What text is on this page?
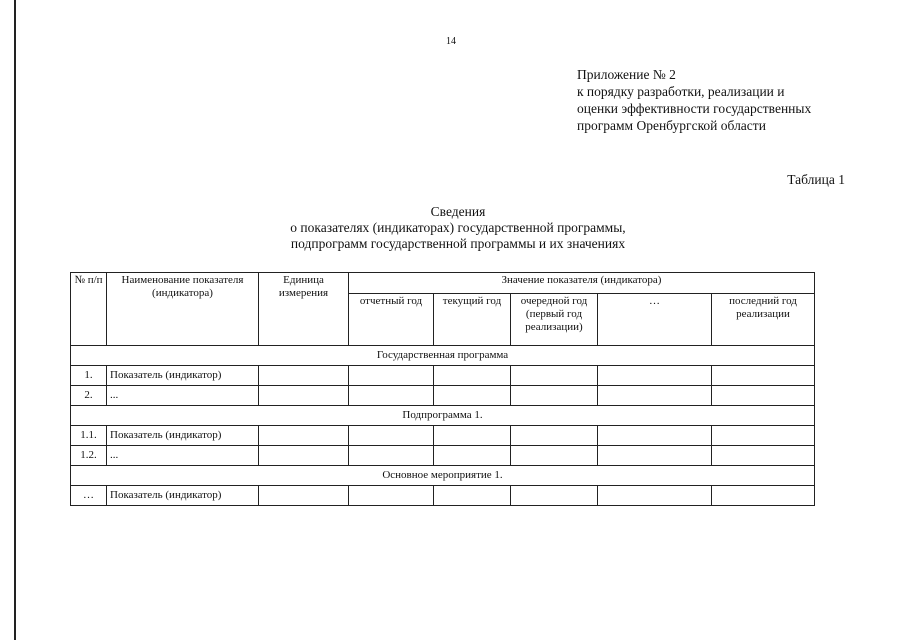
14
Приложение № 2
к порядку разработки, реализации и
оценки эффективности государственных
программ Оренбургской области
Таблица 1
Сведения
о показателях (индикаторах) государственной программы,
подпрограмм государственной программы и их значениях
№ п/п	Наименование показателя (индикатора)	Единица измерения	Значение показателя (индикатора)				
			отчетный год	текущий год	очередной год (первый год реализации)	…	последний год реализации
Государственная программа							
1.	Показатель (индикатор)						
2.	...						
Подпрограмма 1.							
1.1.	Показатель (индикатор)						
1.2.	...						
Основное мероприятие 1.							
…	Показатель (индикатор)						
